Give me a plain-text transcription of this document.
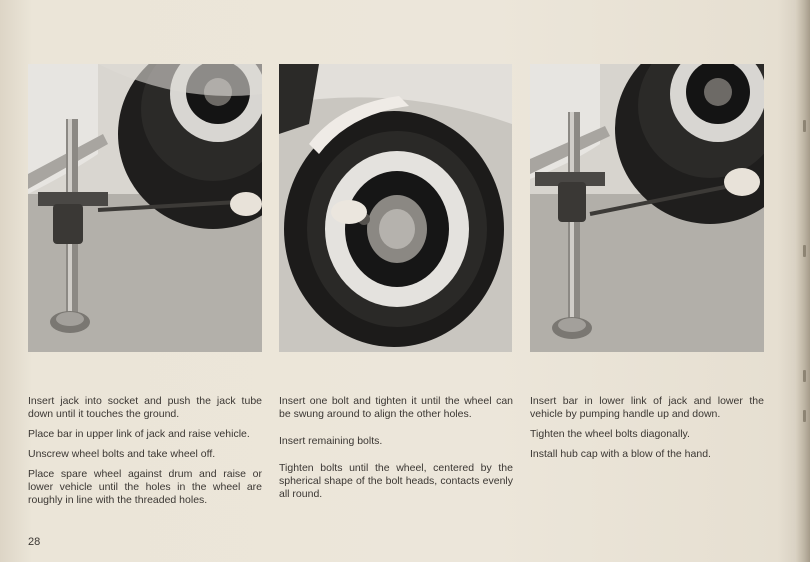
Insert jack into socket and push the jack tube down until it touches the ground.

Place bar in upper link of jack and raise vehicle.

Unscrew wheel bolts and take wheel off.

Place spare wheel against drum and raise or lower vehicle until the holes in the wheel are roughly in line with the threaded holes.

Insert one bolt and tighten it until the wheel can be swung around to align the other holes.

Insert remaining bolts.

Tighten bolts until the wheel, centered by the spherical shape of the bolt heads, contacts evenly all round.

Insert bar in lower link of jack and lower the vehicle by pumping handle up and down.

Tighten the wheel bolts diagonally.

Install hub cap with a blow of the hand.

28
